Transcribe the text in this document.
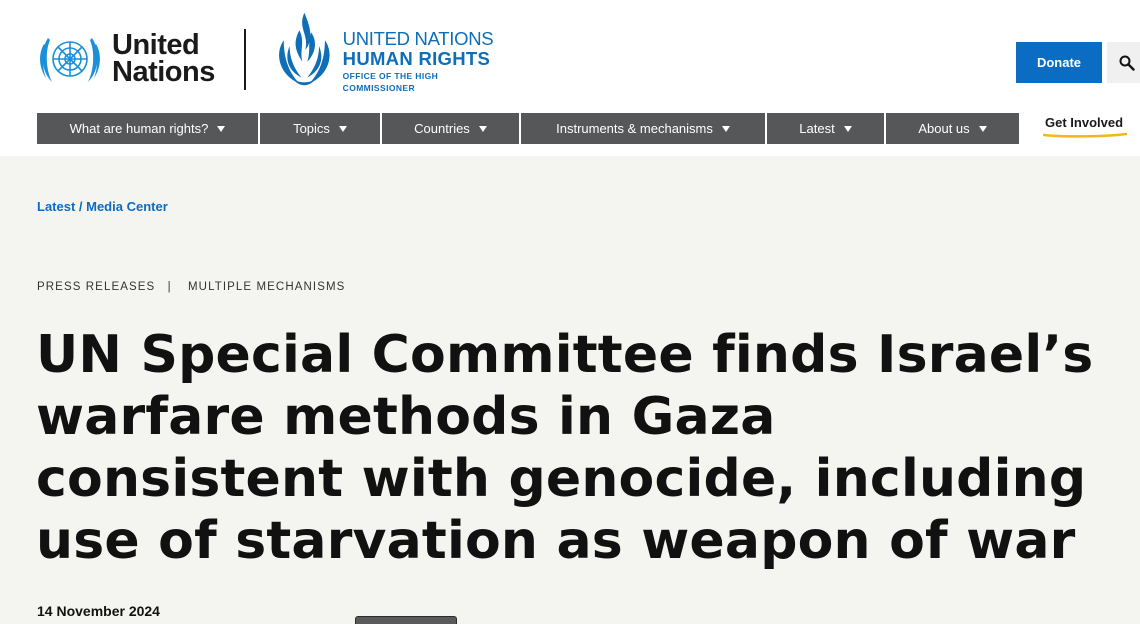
United
Nations
UNITED NATIONS
HUMAN RIGHTS
OFFICE OF THE HIGH COMMISSIONER
Donate
What are human rights?	Topics	Countries	Instruments & mechanisms	Latest	About us	Get Involved
Latest / Media Center
PRESS RELEASES | MULTIPLE MECHANISMS
UN Special Committee finds Israel’s warfare methods in Gaza consistent with genocide, including use of starvation as weapon of war
14 November 2024
